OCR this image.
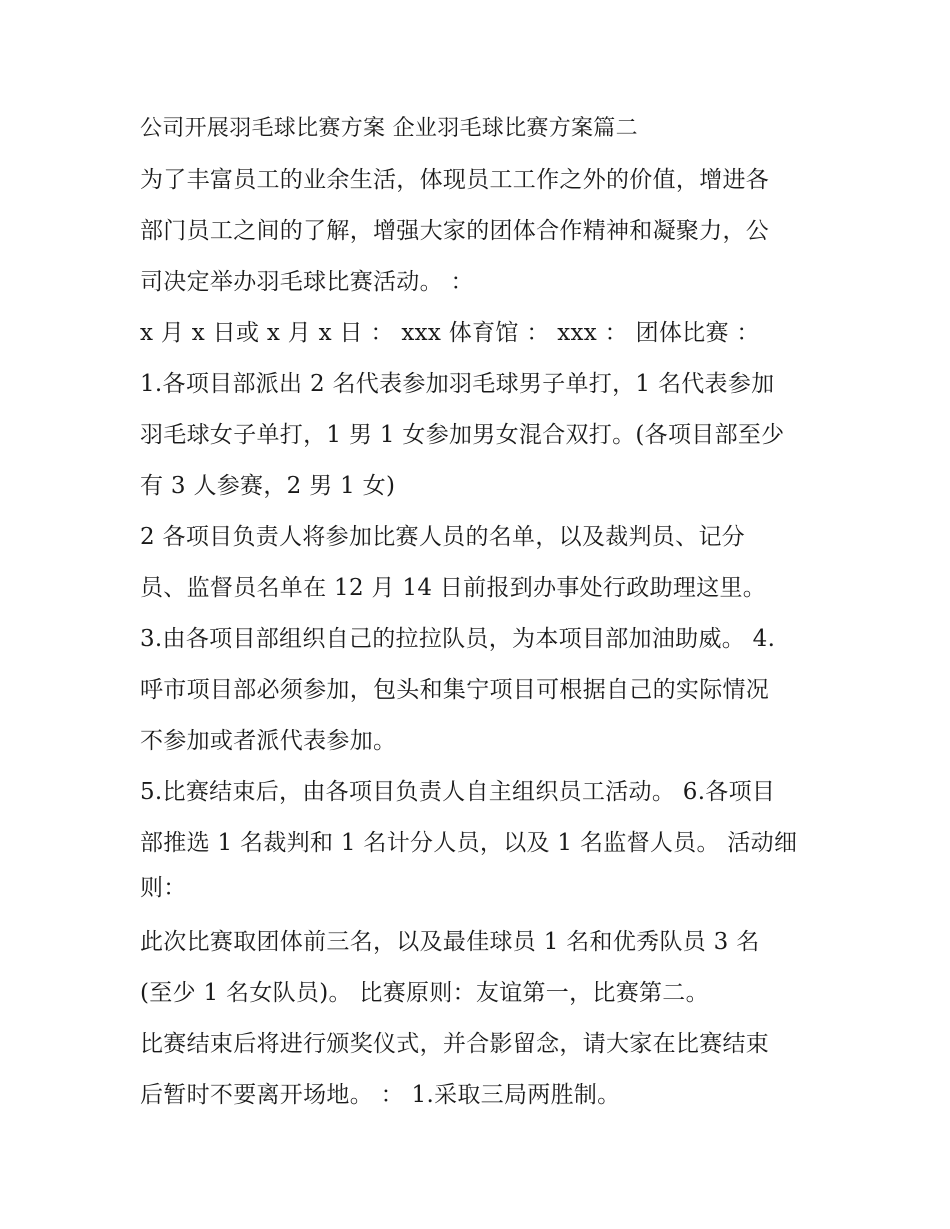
公司开展羽毛球比赛方案 企业羽毛球比赛方案篇二
为了丰富员工的业余生活，体现员工工作之外的价值，增进各
部门员工之间的了解，增强大家的团体合作精神和凝聚力，公
司决定举办羽毛球比赛活动。 ：
x 月 x 日或 x 月 x 日 ： xxx 体育馆 ： xxx ： 团体比赛 ：
1.各项目部派出 2 名代表参加羽毛球男子单打，1 名代表参加
羽毛球女子单打，1 男 1 女参加男女混合双打。(各项目部至少
有 3 人参赛，2 男 1 女)
2 各项目负责人将参加比赛人员的名单，以及裁判员、记分
员、监督员名单在 12 月 14 日前报到办事处行政助理这里。
3.由各项目部组织自己的拉拉队员，为本项目部加油助威。 4.
呼市项目部必须参加，包头和集宁项目可根据自己的实际情况
不参加或者派代表参加。
5.比赛结束后，由各项目负责人自主组织员工活动。 6.各项目
部推选 1 名裁判和 1 名计分人员，以及 1 名监督人员。 活动细
则：
此次比赛取团体前三名，以及最佳球员 1 名和优秀队员 3 名
(至少 1 名女队员)。 比赛原则：友谊第一，比赛第二。
比赛结束后将进行颁奖仪式，并合影留念，请大家在比赛结束
后暂时不要离开场地。 ： 1.采取三局两胜制。
